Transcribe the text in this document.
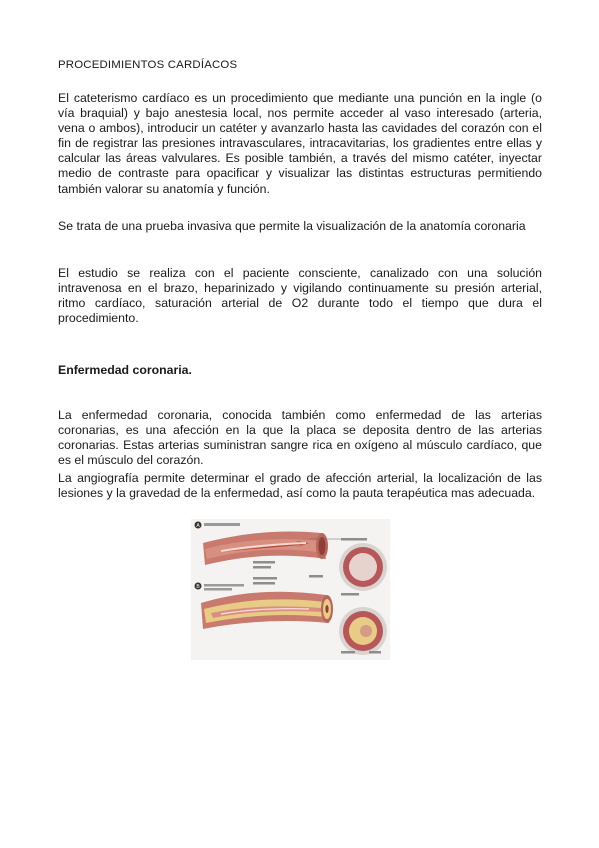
PROCEDIMIENTOS CARDÍACOS

El cateterismo cardíaco es un procedimiento que mediante una punción en la ingle (o vía braquial) y bajo anestesia local, nos permite acceder al vaso interesado (arteria, vena o ambos), introducir un catéter y avanzarlo hasta las cavidades del corazón con el fin de registrar las presiones intravasculares, intracavitarias, los gradientes entre ellas y calcular las áreas valvulares. Es posible también, a través del mismo catéter, inyectar medio de contraste para opacificar y visualizar las distintas estructuras permitiendo también valorar su anatomía y función.

Se trata de una prueba invasiva que permite la visualización de la anatomía coronaria

El estudio se realiza con el paciente consciente, canalizado con una solución intravenosa en el brazo, heparinizado y vigilando continuamente su presión arterial, ritmo cardíaco, saturación arterial de O2 durante todo el tiempo que dura el procedimiento.

Enfermedad coronaria.

La enfermedad coronaria, conocida también como enfermedad de las arterias coronarias, es una afección en la que la placa se deposita dentro de las arterias coronarias. Estas arterias suministran sangre rica en oxígeno al músculo cardíaco, que es el músculo del corazón.

La angiografía permite determinar el grado de afección arterial, la localización de las lesiones y la gravedad de la enfermedad, así como la pauta terapéutica mas adecuada.

A
B
